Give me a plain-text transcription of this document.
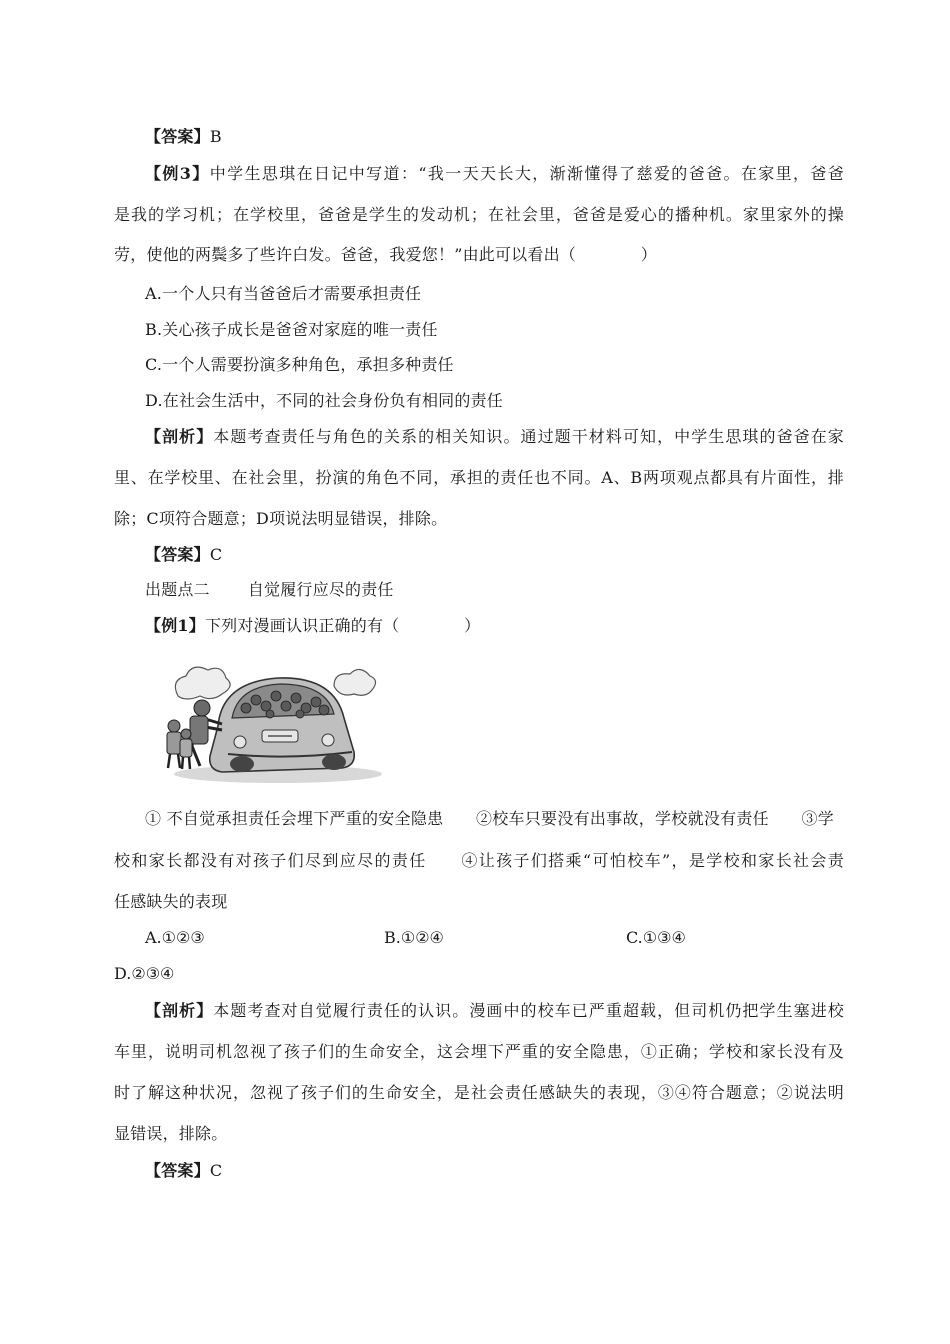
【答案】B
【例3】中学生思琪在日记中写道：“我一天天长大，渐渐懂得了慈爱的爸爸。在家里，爸爸
是我的学习机；在学校里，爸爸是学生的发动机；在社会里，爸爸是爱心的播种机。家里家外的操
劳，使他的两鬓多了些许白发。爸爸，我爱您！”由此可以看出（　　　　）
A.一个人只有当爸爸后才需要承担责任
B.关心孩子成长是爸爸对家庭的唯一责任
C.一个人需要扮演多种角色，承担多种责任
D.在社会生活中，不同的社会身份负有相同的责任
【剖析】本题考查责任与角色的关系的相关知识。通过题干材料可知，中学生思琪的爸爸在家
里、在学校里、在社会里，扮演的角色不同，承担的责任也不同。A、B两项观点都具有片面性，排
除；C项符合题意；D项说法明显错误，排除。
【答案】C
出题点二 自觉履行应尽的责任
【例1】下列对漫画认识正确的有（　　　　）
① 不自觉承担责任会埋下严重的安全隐患　　②校车只要没有出事故，学校就没有责任　　③学
校和家长都没有对孩子们尽到应尽的责任　　④让孩子们搭乘“可怕校车”，是学校和家长社会责
任感缺失的表现
A.①②③	B.①②④	C.①③④
D.②③④
【剖析】本题考查对自觉履行责任的认识。漫画中的校车已严重超载，但司机仍把学生塞进校
车里，说明司机忽视了孩子们的生命安全，这会埋下严重的安全隐患，①正确；学校和家长没有及
时了解这种状况，忽视了孩子们的生命安全，是社会责任感缺失的表现，③④符合题意；②说法明
显错误，排除。
【答案】C
